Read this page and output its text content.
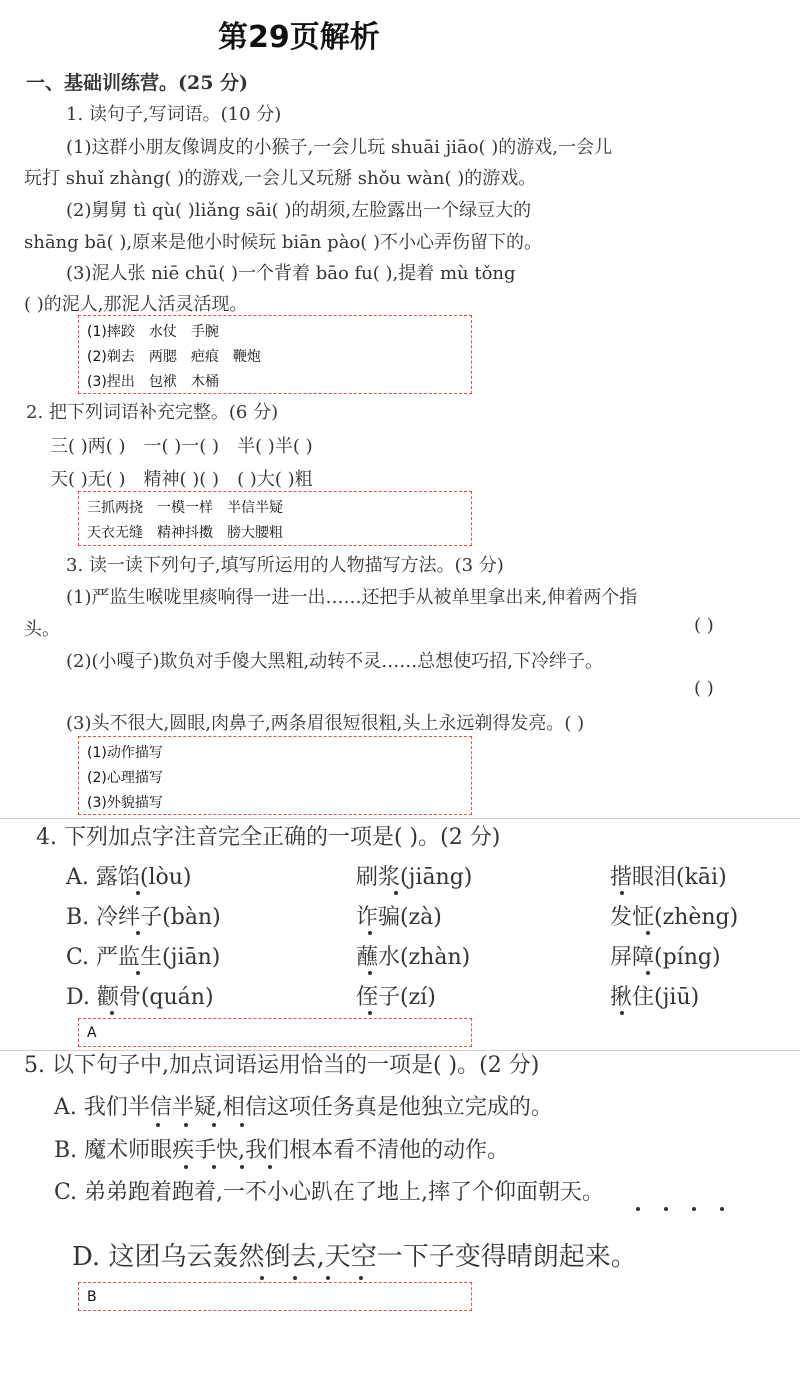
第29页解析
一、基础训练营。(25 分)
1. 读句子,写词语。(10 分)
(1)这群小朋友像调皮的小猴子,一会儿玩 shuāi jiāo( )的游戏,一会儿
玩打 shuǐ zhàng( )的游戏,一会儿又玩掰 shǒu wàn( )的游戏。
(2)舅舅 tì qù( )liǎng sāi( )的胡须,左脸露出一个绿豆大的
shāng bā( ),原来是他小时候玩 biān pào( )不小心弄伤留下的。
(3)泥人张 niē chū( )一个背着 bāo fu( ),提着 mù tǒng
( )的泥人,那泥人活灵活现。
(1)摔跤　水仗　手腕
(2)剃去　两腮　疤痕　鞭炮
(3)捏出　包袱　木桶
2. 把下列词语补充完整。(6 分)
三( )两( )　一( )一( )　半( )半( )
天( )无( )　精神( )( )　( )大( )粗
三抓两挠　一模一样　半信半疑
天衣无缝　精神抖擞　膀大腰粗
3. 读一读下列句子,填写所运用的人物描写方法。(3 分)
(1)严监生喉咙里痰响得一进一出……还把手从被单里拿出来,伸着两个指
头。	( )
(2)(小嘎子)欺负对手傻大黑粗,动转不灵……总想使巧招,下冷绊子。
( )
(3)头不很大,圆眼,肉鼻子,两条眉很短很粗,头上永远剃得发亮。( )
(1)动作描写
(2)心理描写
(3)外貌描写
4. 下列加点字注音完全正确的一项是( )。(2 分)
A. 露馅(lòu)	刷浆(jiāng)	揩眼泪(kāi)
B. 冷绊子(bàn)	诈骗(zà)	发怔(zhèng)
C. 严监生(jiān)	蘸水(zhàn)	屏障(píng)
D. 颧骨(quán)	侄子(zí)	揪住(jiū)
A
5. 以下句子中,加点词语运用恰当的一项是( )。(2 分)
A. 我们半信半疑,相信这项任务真是他独立完成的。
B. 魔术师眼疾手快,我们根本看不清他的动作。
C. 弟弟跑着跑着,一不小心趴在了地上,摔了个仰面朝天。
D. 这团乌云轰然倒去,天空一下子变得晴朗起来。
B
